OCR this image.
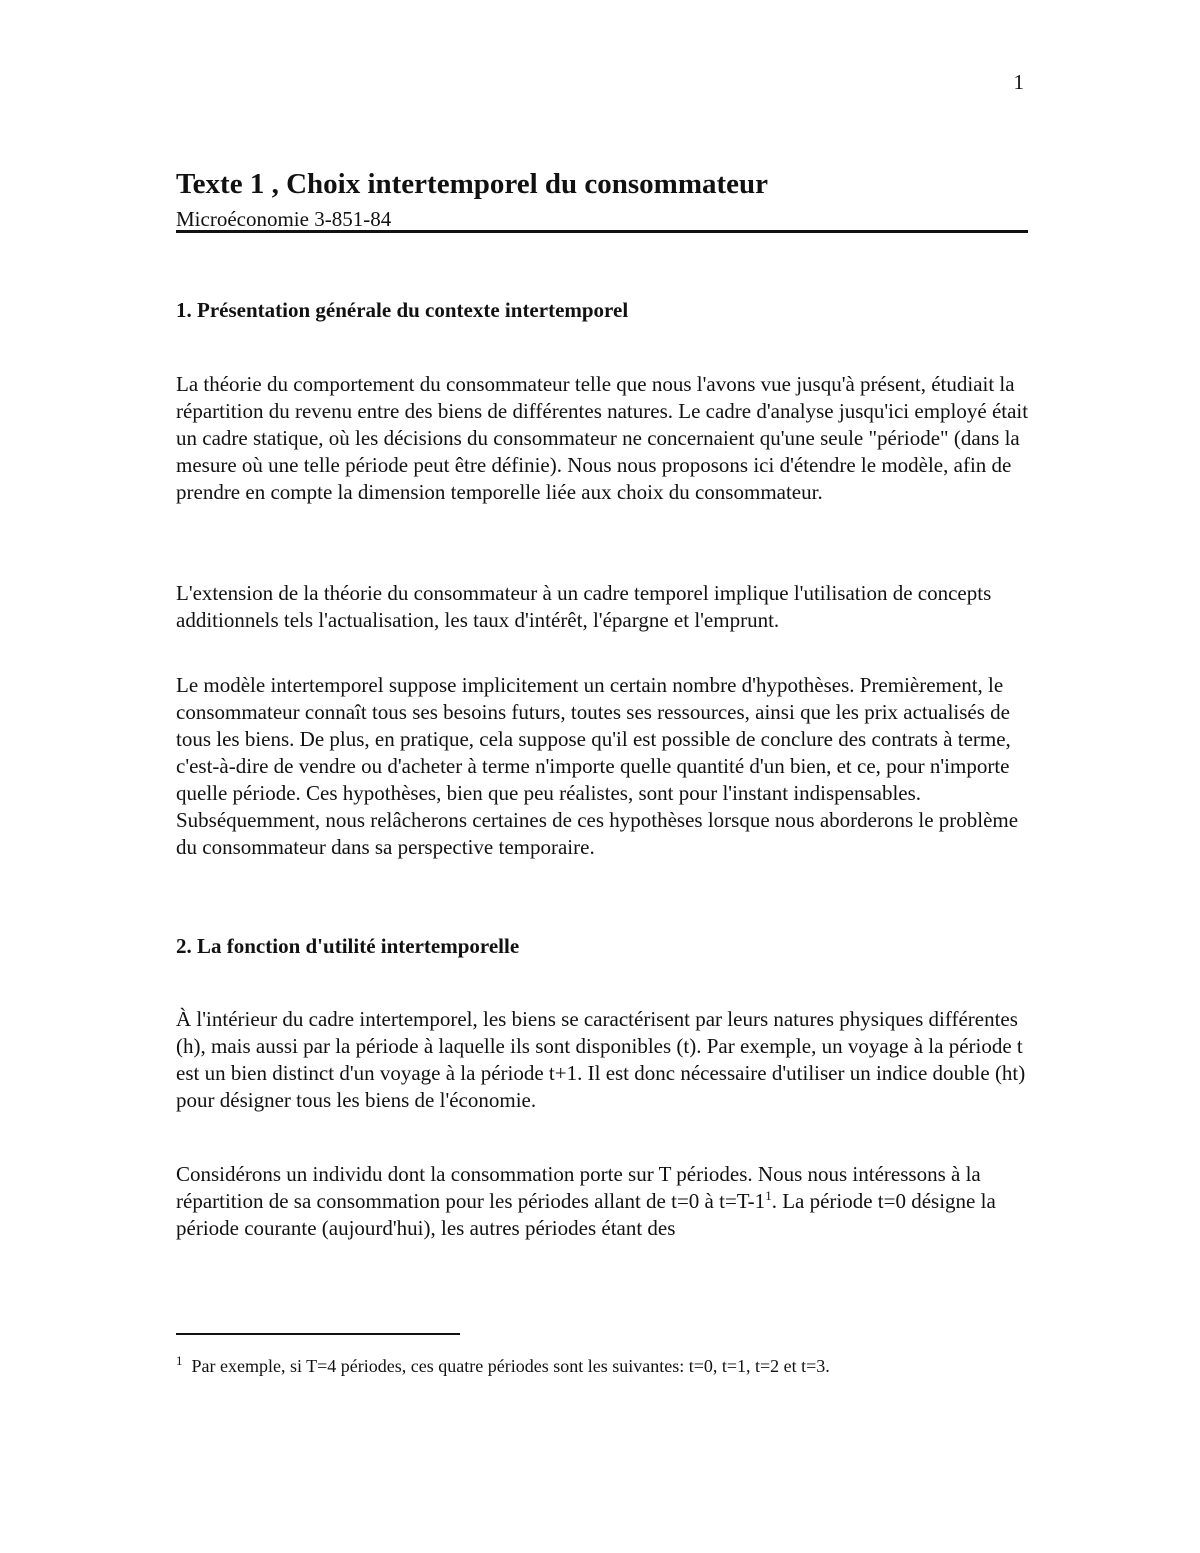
1
Texte 1 , Choix intertemporel du consommateur
Microéconomie 3-851-84
1. Présentation générale du contexte intertemporel

La théorie du comportement du consommateur telle que nous l'avons vue jusqu'à présent, étudiait la répartition du revenu entre des biens de différentes natures. Le cadre d'analyse jusqu'ici employé était un cadre statique, où les décisions du consommateur ne concernaient qu'une seule "période" (dans la mesure où une telle période peut être définie). Nous nous proposons ici d'étendre le modèle, afin de prendre en compte la dimension temporelle liée aux choix du consommateur.

L'extension de la théorie du consommateur à un cadre temporel implique l'utilisation de concepts additionnels tels l'actualisation, les taux d'intérêt, l'épargne et l'emprunt.

Le modèle intertemporel suppose implicitement un certain nombre d'hypothèses. Premièrement, le consommateur connaît tous ses besoins futurs, toutes ses ressources, ainsi que les prix actualisés de tous les biens. De plus, en pratique, cela suppose qu'il est possible de conclure des contrats à terme, c'est-à-dire de vendre ou d'acheter à terme n'importe quelle quantité d'un bien, et ce, pour n'importe quelle période. Ces hypothèses, bien que peu réalistes, sont pour l'instant indispensables. Subséquemment, nous relâcherons certaines de ces hypothèses lorsque nous aborderons le problème du consommateur dans sa perspective temporaire.

2. La fonction d'utilité intertemporelle

À l'intérieur du cadre intertemporel, les biens se caractérisent par leurs natures physiques différentes (h), mais aussi par la période à laquelle ils sont disponibles (t). Par exemple, un voyage à la période t est un bien distinct d'un voyage à la période t+1. Il est donc nécessaire d'utiliser un indice double (ht) pour désigner tous les biens de l'économie.

Considérons un individu dont la consommation porte sur T périodes. Nous nous intéressons à la répartition de sa consommation pour les périodes allant de t=0 à $t=T-1^1$. La période t=0 désigne la période courante (aujourd'hui), les autres périodes étant des

$^1$ Par exemple, si T=4 périodes, ces quatre périodes sont les suivantes: t=0, t=1, t=2 et t=3.
